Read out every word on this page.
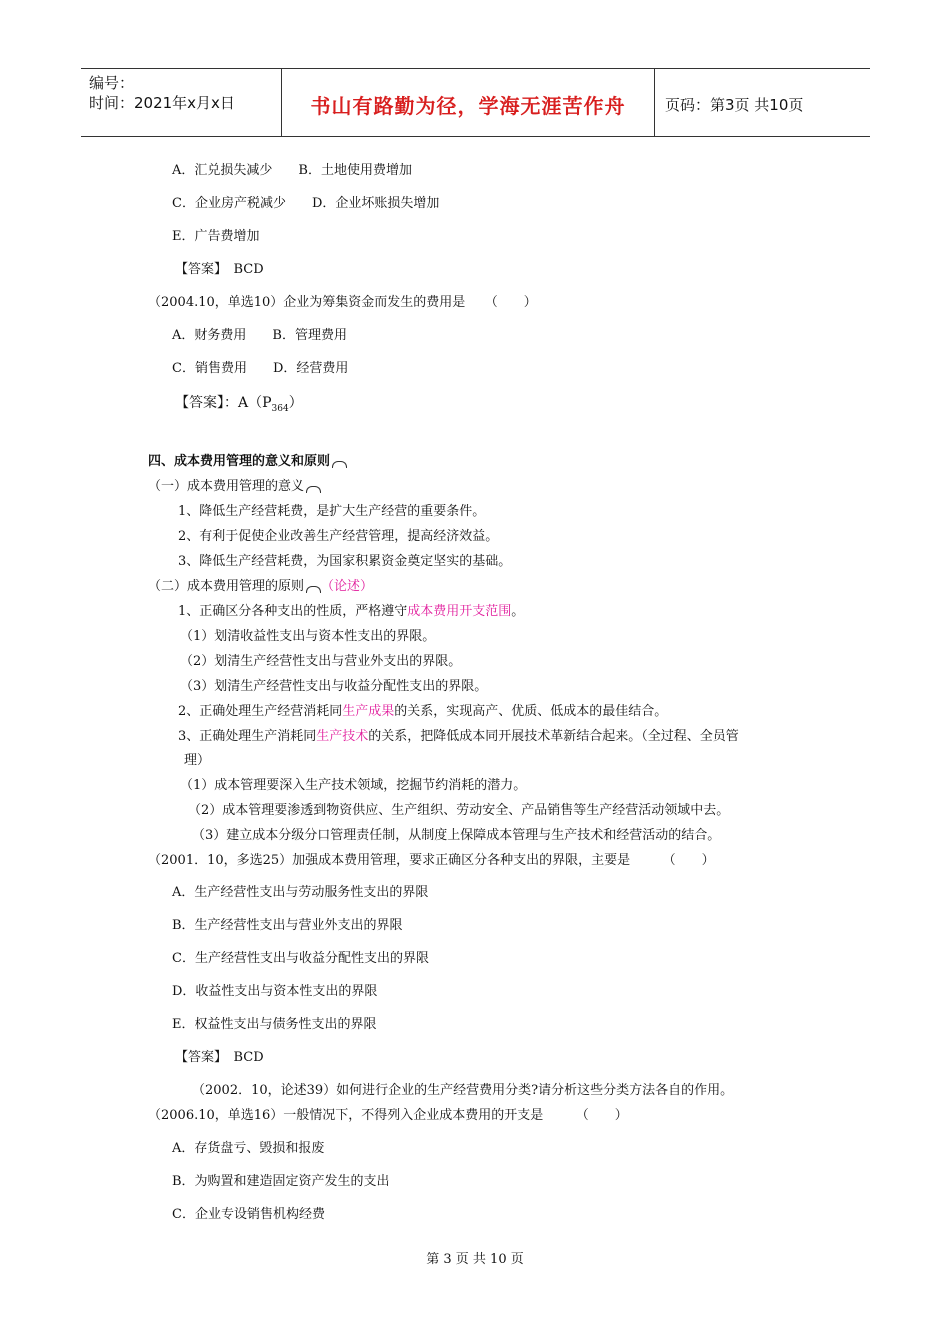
编号：
时间：2021年x月x日	书山有路勤为径，学海无涯苦作舟	页码：第3页 共10页
A．汇兑损失减少　　B．土地使用费增加
C．企业房产税减少　　D．企业坏账损失增加
E．广告费增加
【答案】　BCD
（2004.10，单选10）企业为筹集资金而发生的费用是　　（　　）
A．财务费用　　B．管理费用
C．销售费用　　D．经营费用
【答案】：$A(P_{364})$
四、成本费用管理的意义和原则
（一）成本费用管理的意义
1、降低生产经营耗费，是扩大生产经营的重要条件。
2、有利于促使企业改善生产经营管理，提高经济效益。
3、降低生产经营耗费，为国家积累资金奠定坚实的基础。
（二）成本费用管理的原则 （论述）
1、正确区分各种支出的性质，严格遵守成本费用开支范围。
（1）划清收益性支出与资本性支出的界限。
（2）划清生产经营性支出与营业外支出的界限。
（3）划清生产经营性支出与收益分配性支出的界限。
2、正确处理生产经营消耗同生产成果的关系，实现高产、优质、低成本的最佳结合。
3、正确处理生产消耗同生产技术的关系，把降低成本同开展技术革新结合起来。（全过程、全员管
理）
（1）成本管理要深入生产技术领域，挖掘节约消耗的潜力。
（2）成本管理要渗透到物资供应、生产组织、劳动安全、产品销售等生产经营活动领域中去。
（3）建立成本分级分口管理责任制，从制度上保障成本管理与生产技术和经营活动的结合。
（2001．10，多选25）加强成本费用管理，要求正确区分各种支出的界限，主要是　　　（　　）
A．生产经营性支出与劳动服务性支出的界限
B．生产经营性支出与营业外支出的界限
C．生产经营性支出与收益分配性支出的界限
D．收益性支出与资本性支出的界限
E．权益性支出与债务性支出的界限
【答案】　BCD
（2002．10，论述39）如何进行企业的生产经营费用分类?请分析这些分类方法各自的作用。
（2006.10，单选16）一般情况下，不得列入企业成本费用的开支是　　　（　　）
A．存货盘亏、毁损和报废
B．为购置和建造固定资产发生的支出
C．企业专设销售机构经费
第 3 页 共 10 页
